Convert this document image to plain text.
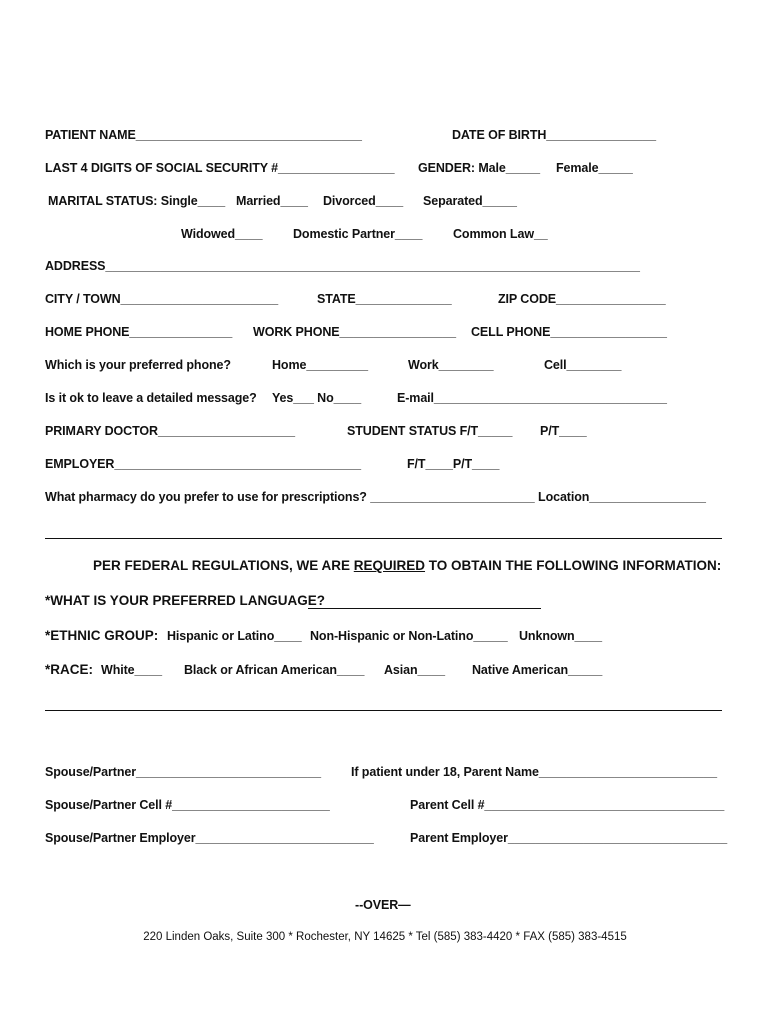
PATIENT NAME_________________________________	DATE OF BIRTH________________
LAST 4 DIGITS OF SOCIAL SECURITY #_________________ GENDER: Male_____ Female_____
MARITAL STATUS: Single____ Married____ Divorced____ Separated_____
Widowed____ Domestic Partner____ Common Law__
ADDRESS______________________________________________________________________________
CITY / TOWN_______________________	STATE______________	ZIP CODE________________
HOME PHONE_______________ WORK PHONE_________________ CELL PHONE_________________
Which is your preferred phone?	Home_________	Work________	Cell________
Is it ok to leave a detailed message? Yes___ No____	E-mail__________________________________
PRIMARY DOCTOR____________________	STUDENT STATUS F/T_____ P/T____
EMPLOYER____________________________________	F/T____P/T____
What pharmacy do you prefer to use for prescriptions? ________________________ Location_________________
PER FEDERAL REGULATIONS, WE ARE REQUIRED TO OBTAIN THE FOLLOWING INFORMATION:
*WHAT IS YOUR PREFERRED LANGUAGE?
*ETHNIC GROUP: Hispanic or Latino____ Non-Hispanic or Non-Latino_____ Unknown____
*RACE: White____ Black or African American____ Asian____ Native American_____
Spouse/Partner___________________________ If patient under 18, Parent Name__________________________
Spouse/Partner Cell #_______________________	Parent Cell #___________________________________
Spouse/Partner Employer__________________________	Parent Employer________________________________
--OVER—
220 Linden Oaks, Suite 300 * Rochester, NY 14625 * Tel (585) 383-4420 * FAX (585) 383-4515
